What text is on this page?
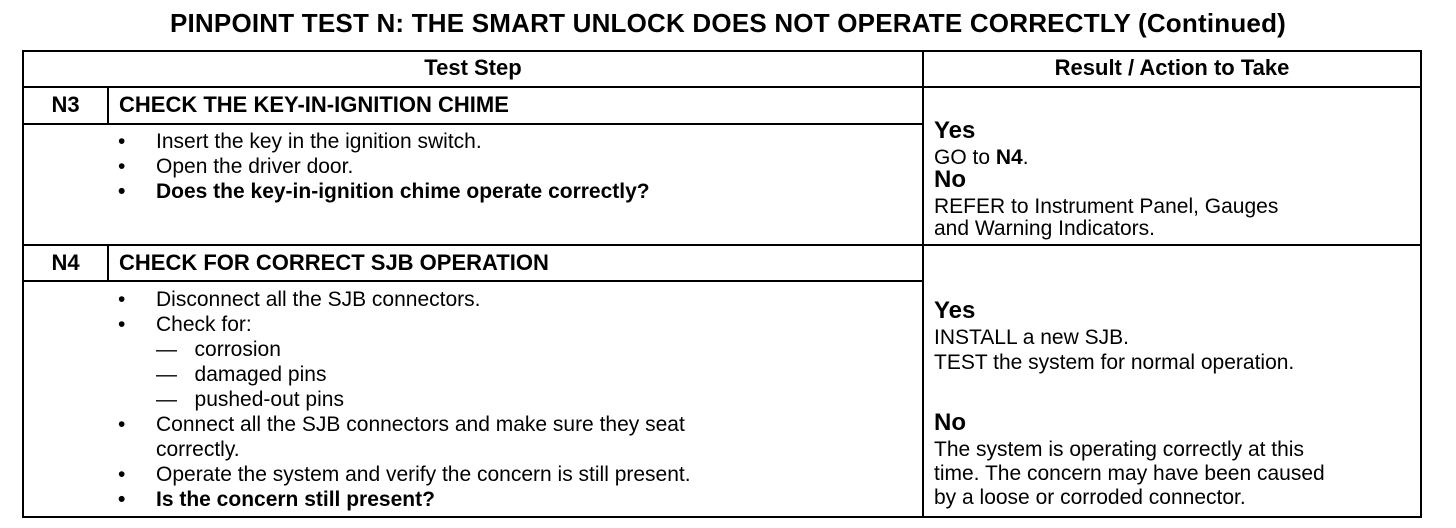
PINPOINT TEST N: THE SMART UNLOCK DOES NOT OPERATE CORRECTLY (Continued)
Test Step	Result / Action to Take
N3	CHECK THE KEY-IN-IGNITION CHIME
• Insert the key in the ignition switch.
• Open the driver door.
• Does the key-in-ignition chime operate correctly?
Yes
GO to N4.
No
REFER to Instrument Panel, Gauges
and Warning Indicators.
N4	CHECK FOR CORRECT SJB OPERATION
• Disconnect all the SJB connectors.
• Check for:
—   corrosion
—   damaged pins
—   pushed-out pins
• Connect all the SJB connectors and make sure they seat
correctly.
• Operate the system and verify the concern is still present.
• Is the concern still present?
Yes
INSTALL a new SJB.
TEST the system for normal operation.
No
The system is operating correctly at this
time. The concern may have been caused
by a loose or corroded connector.
